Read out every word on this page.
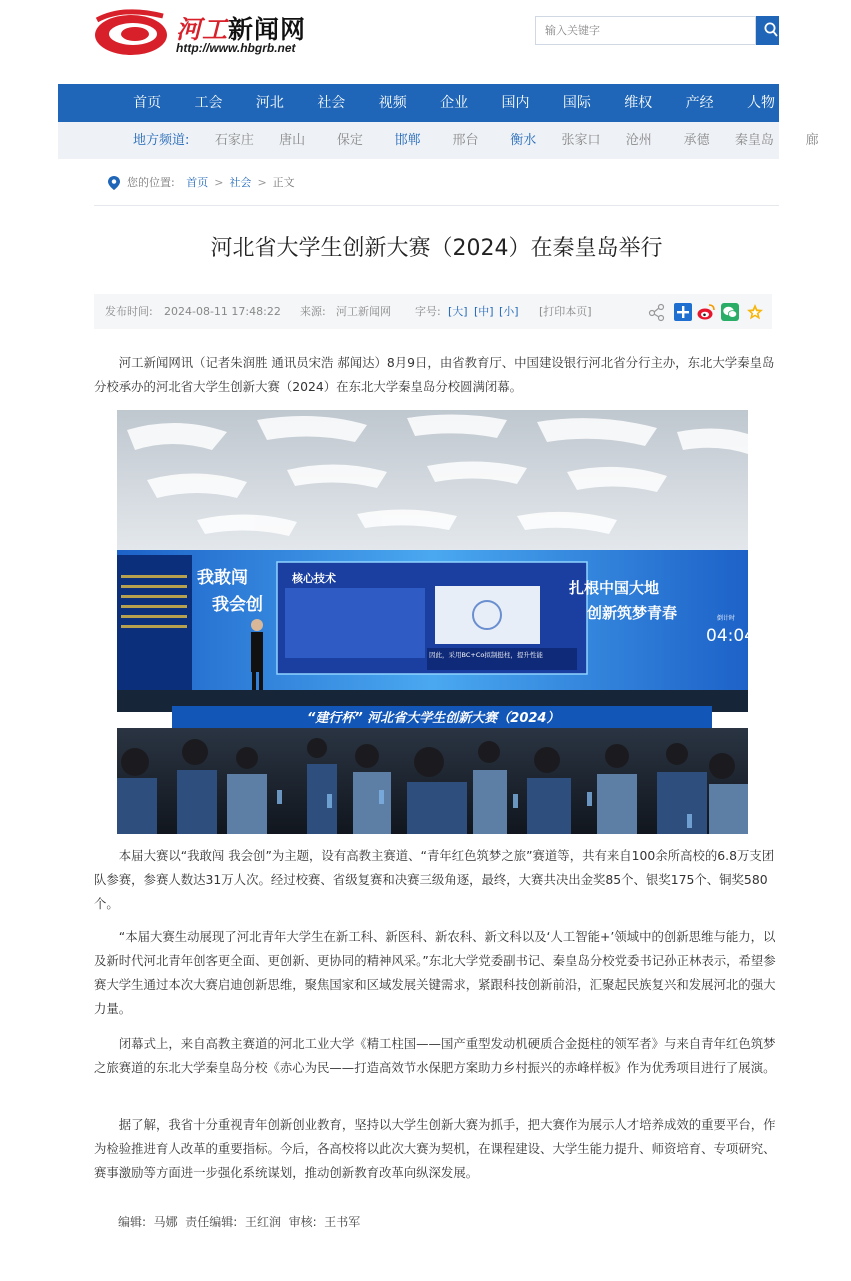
河工新闻网
http://www.hbgrb.net
输入关键字
首页 工会 河北 社会 视频 企业 国内 国际 维权 产经 人物 百业
地方频道:	石家庄 唐山 保定 邯郸 邢台 衡水 张家口 沧州 承德 秦皇岛 廊
您的位置: 首页 > 社会 > 正文
河北省大学生创新大赛（2024）在秦皇岛举行
发布时间: 2024-08-11 17:48:22 来源: 河工新闻网 字号: [大] [中] [小] [打印本页]

河工新闻网讯（记者朱润胜 通讯员宋浩 郝闻达）8月9日，由省教育厅、中国建设银行河北省分行主办，东北大学秦皇岛分校承办的河北省大学生创新大赛（2024）在东北大学秦皇岛分校圆满闭幕。

核心技术
因此，采用BC+Co拟制挺柱，提升性能
我敢闯
我会创
扎根中国大地
创新筑梦青春	倒计时
04:04
“建行杯” 河北省大学生创新大赛（2024）

本届大赛以“我敢闯 我会创”为主题，设有高教主赛道、“青年红色筑梦之旅”赛道等，共有来自100余所高校的6.8万支团队参赛，参赛人数达31万人次。经过校赛、省级复赛和决赛三级角逐，最终，大赛共决出金奖85个、银奖175个、铜奖580个。

“本届大赛生动展现了河北青年大学生在新工科、新医科、新农科、新文科以及‘人工智能+’领域中的创新思维与能力，以及新时代河北青年创客更全面、更创新、更协同的精神风采。”东北大学党委副书记、秦皇岛分校党委书记孙正林表示，希望参赛大学生通过本次大赛启迪创新思维，聚焦国家和区域发展关键需求，紧跟科技创新前沿，汇聚起民族复兴和发展河北的强大力量。

闭幕式上，来自高教主赛道的河北工业大学《精工柱国——国产重型发动机硬质合金挺柱的领军者》与来自青年红色筑梦之旅赛道的东北大学秦皇岛分校《赤心为民——打造高效节水保肥方案助力乡村振兴的赤峰样板》作为优秀项目进行了展演。

据了解，我省十分重视青年创新创业教育，坚持以大学生创新大赛为抓手，把大赛作为展示人才培养成效的重要平台，作为检验推进育人改革的重要指标。今后，各高校将以此次大赛为契机，在课程建设、大学生能力提升、师资培育、专项研究、赛事激励等方面进一步强化系统谋划，推动创新教育改革向纵深发展。

编辑:  马娜  责任编辑:  王红润  审核:  王书军
